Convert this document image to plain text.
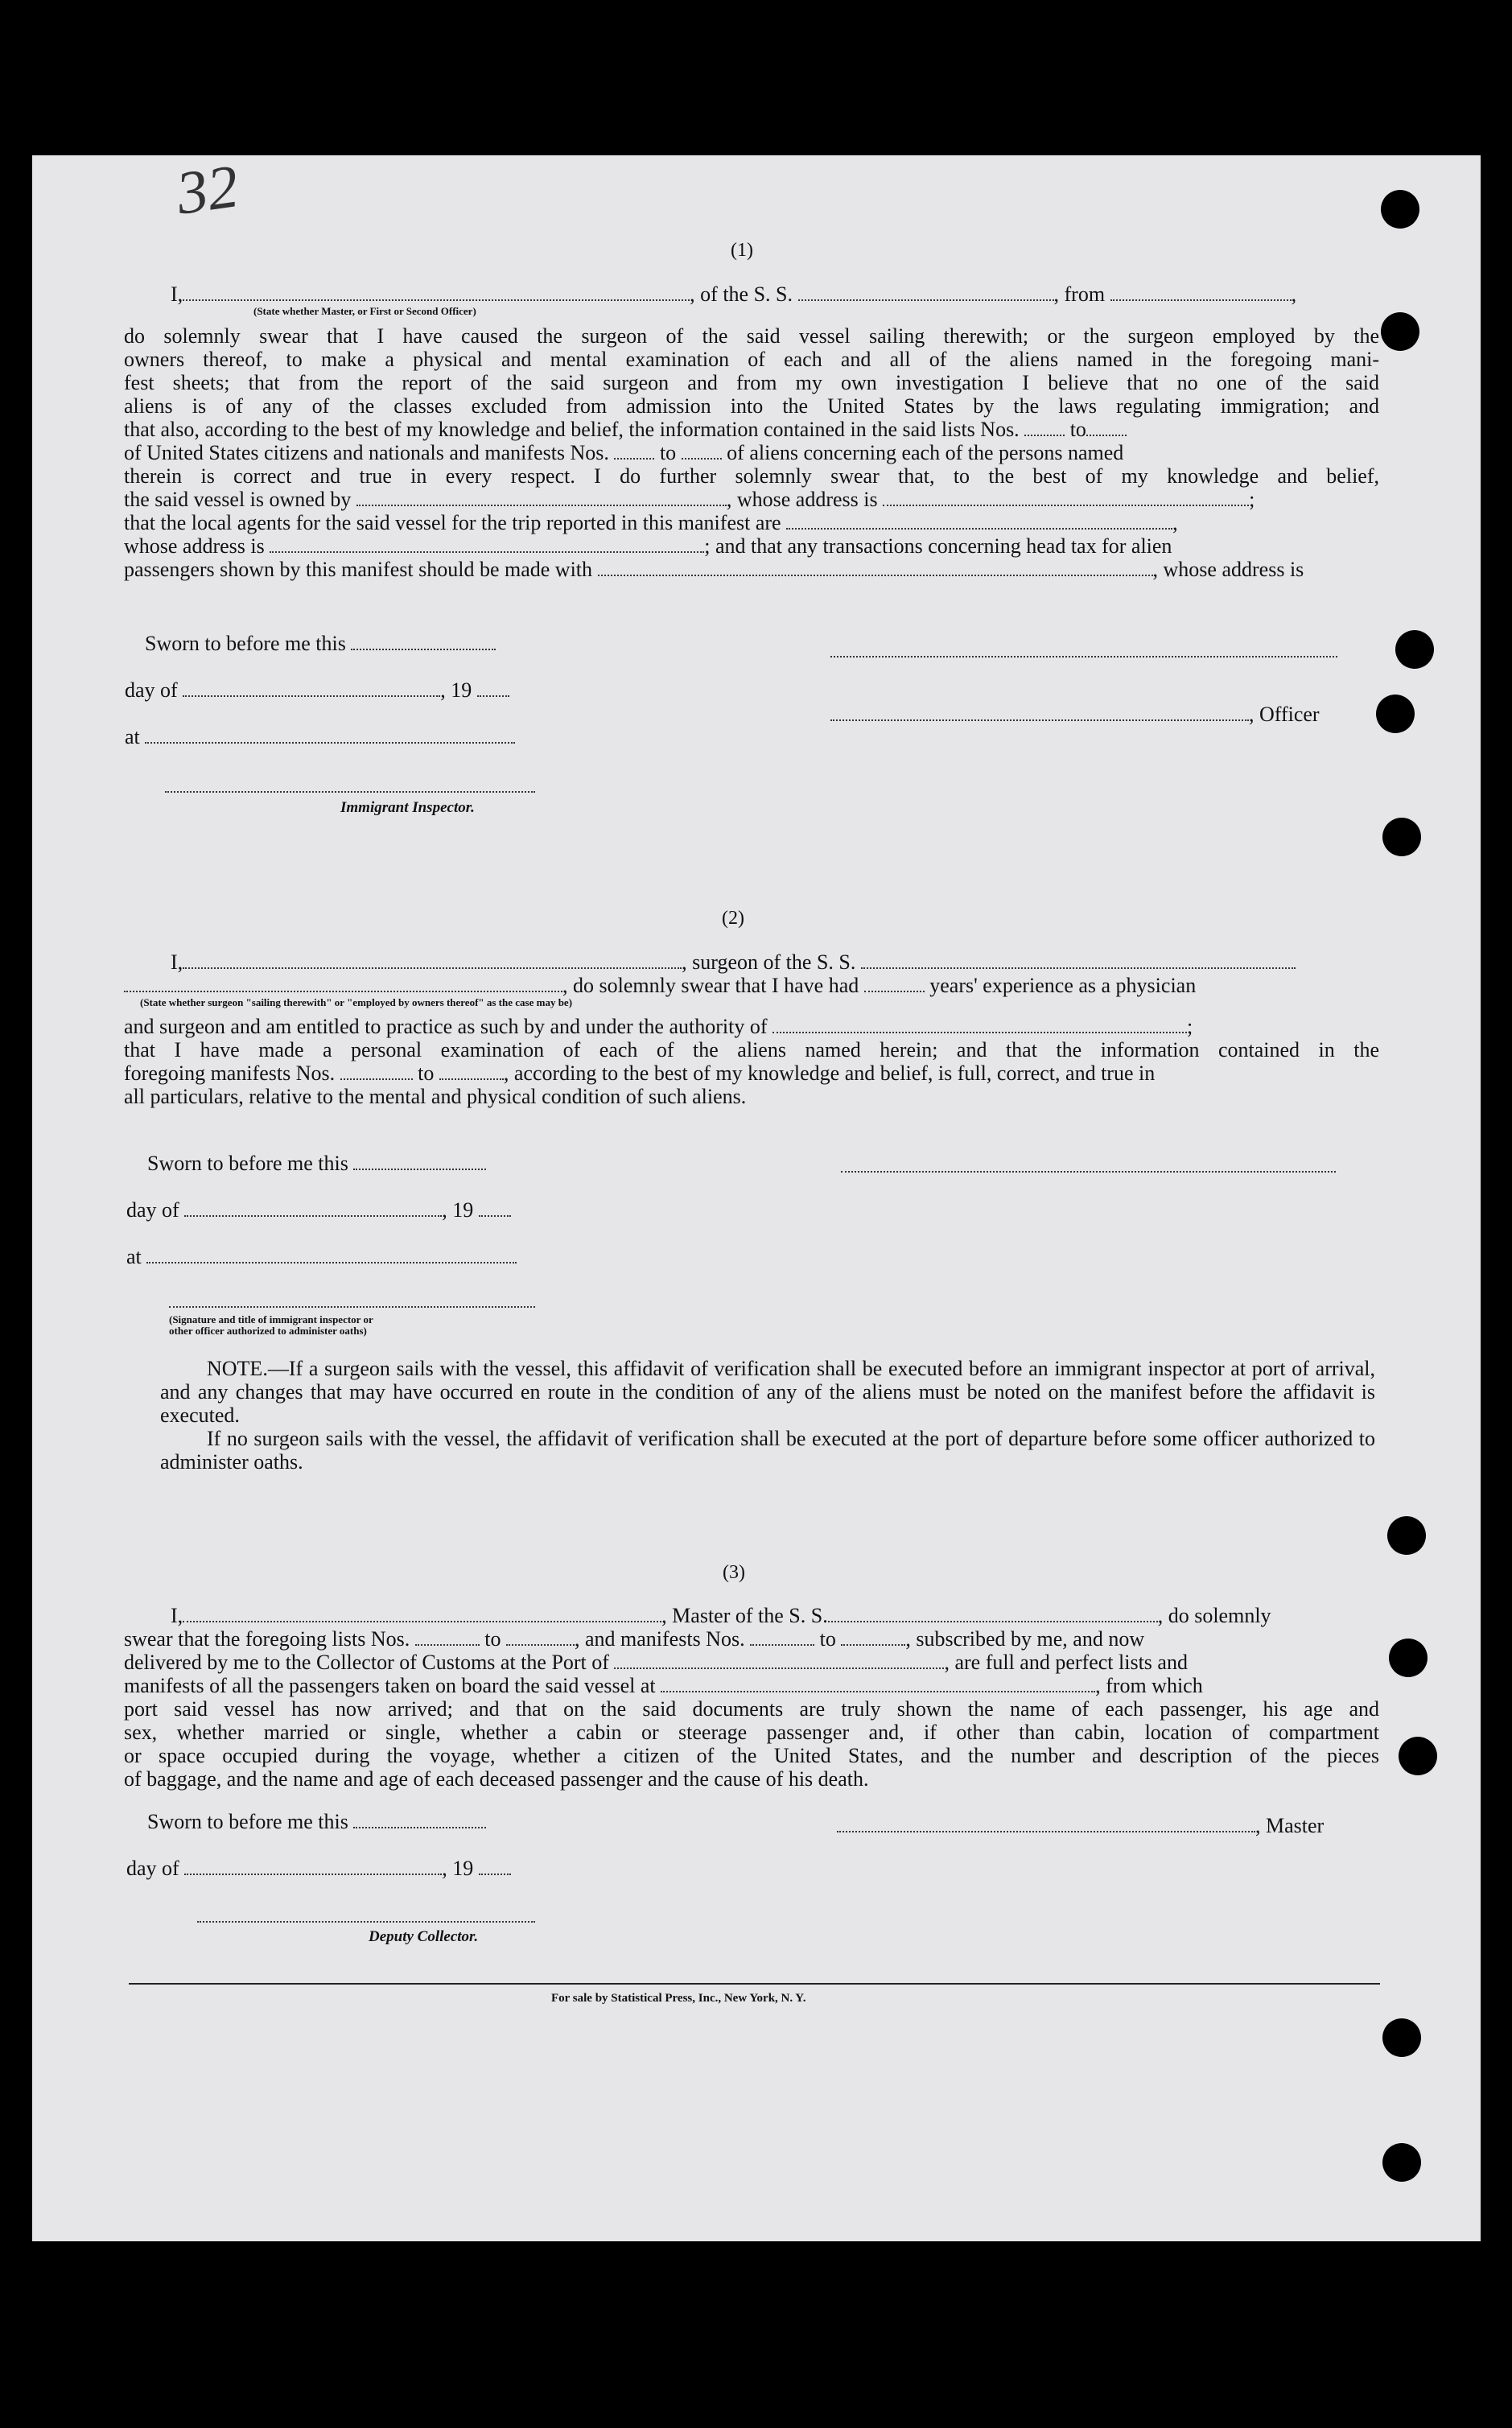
32
(1)
I,	, of the S. S.	, from	,
(State whether Master, or First or Second Officer)
do solemnly swear that I have caused the surgeon of the said vessel sailing therewith; or the surgeon employed by the
owners thereof, to make a physical and mental examination of each and all of the aliens named in the foregoing mani-
fest sheets; that from the report of the said surgeon and from my own investigation I believe that no one of the said
aliens is of any of the classes excluded from admission into the United States by the laws regulating immigration; and
that also, according to the best of my knowledge and belief, the information contained in the said lists Nos. to
of United States citizens and nationals and manifests Nos. to of aliens concerning each of the persons named
therein is correct and true in every respect. I do further solemnly swear that, to the best of my knowledge and belief,
the said vessel is owned by	, whose address is	;
that the local agents for the said vessel for the trip reported in this manifest are	,
whose address is	; and that any transactions concerning head tax for alien
passengers shown by this manifest should be made with	, whose address is
Sworn to before me this
day of	, 19
at
Immigrant Inspector.
, Officer
(2)
I,	, surgeon of the S. S.
, do solemnly swear that I have had	years' experience as a physician
(State whether surgeon "sailing therewith" or "employed by owners thereof" as the case may be)
and surgeon and am entitled to practice as such by and under the authority of	;
that I have made a personal examination of each of the aliens named herein; and that the information contained in the
foregoing manifests Nos.	to	, according to the best of my knowledge and belief, is full, correct, and true in
all particulars, relative to the mental and physical condition of such aliens.
Sworn to before me this
day of	, 19
at
(Signature and title of immigrant inspector or
other officer authorized to administer oaths)
NOTE.—If a surgeon sails with the vessel, this affidavit of verification shall be executed before an immigrant inspector at port of arrival, and any changes that may have occurred en route in the condition of any of the aliens must be noted on the manifest before the affidavit is executed.
If no surgeon sails with the vessel, the affidavit of verification shall be executed at the port of departure before some officer authorized to administer oaths.
(3)
I,	, Master of the S. S.	, do solemnly
swear that the foregoing lists Nos.	to	, and manifests Nos.	to	, subscribed by me, and now
delivered by me to the Collector of Customs at the Port of	, are full and perfect lists and
manifests of all the passengers taken on board the said vessel at	, from which
port said vessel has now arrived; and that on the said documents are truly shown the name of each passenger, his age and
sex, whether married or single, whether a cabin or steerage passenger and, if other than cabin, location of compartment
or space occupied during the voyage, whether a citizen of the United States, and the number and description of the pieces
of baggage, and the name and age of each deceased passenger and the cause of his death.
Sworn to before me this
day of	, 19
, Master
Deputy Collector.
For sale by Statistical Press, Inc., New York, N. Y.
